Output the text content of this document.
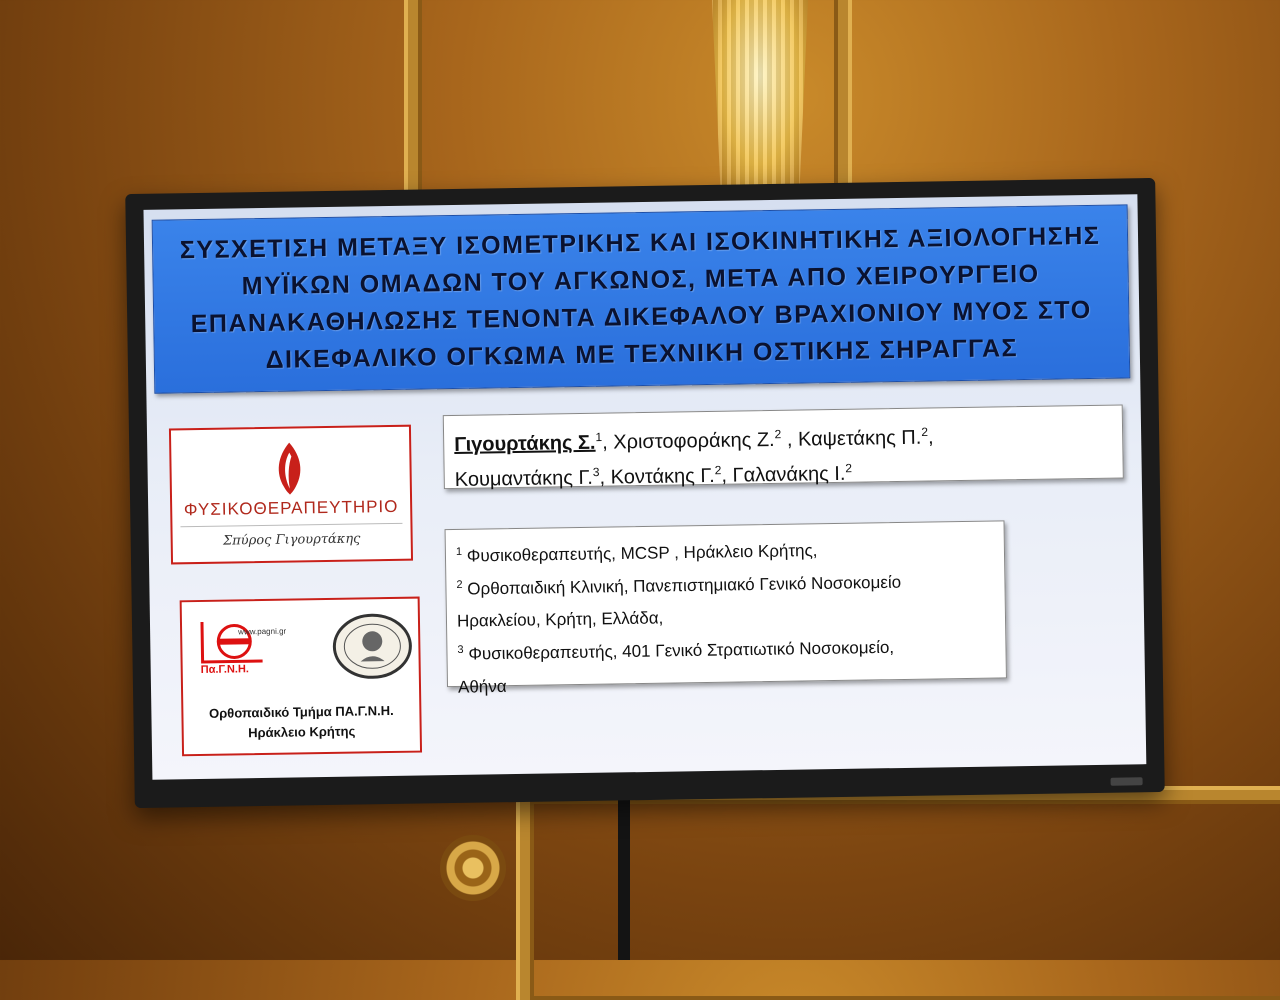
ΣΥΣΧΕΤΙΣΗ ΜΕΤΑΞΥ ΙΣΟΜΕΤΡΙΚΗΣ ΚΑΙ ΙΣΟΚΙΝΗΤΙΚΗΣ ΑΞΙΟΛΟΓΗΣΗΣ
ΜΥΪΚΩΝ ΟΜΑΔΩΝ ΤΟΥ ΑΓΚΩΝΟΣ, ΜΕΤΑ ΑΠΟ ΧΕΙΡΟΥΡΓΕΙΟ
ΕΠΑΝΑΚΑΘΗΛΩΣΗΣ ΤΕΝΟΝΤΑ ΔΙΚΕΦΑΛΟΥ ΒΡΑΧΙΟΝΙΟΥ ΜΥΟΣ ΣΤΟ
ΔΙΚΕΦΑΛΙΚΟ ΟΓΚΩΜΑ ΜΕ ΤΕΧΝΙΚΗ ΟΣΤΙΚΗΣ ΣΗΡΑΓΓΑΣ
ΦΥΣΙΚΟΘΕΡΑΠΕΥΤΗΡΙΟ
Σπύρος Γιγουρτάκης
www.pagni.gr
Πα.Γ.Ν.Η.
Ορθοπαιδικό Τμήμα ΠΑ.Γ.Ν.Η.
Ηράκλειο Κρήτης
Γιγουρτάκης Σ.$^1$, Χριστοφοράκης Ζ.$^2$ , Καψετάκης Π.$^2$,
Κουμαντάκης Γ.$^3$, Κοντάκης Γ.$^2$, Γαλανάκης Ι.$^2$
$^1$ Φυσικοθεραπευτής, MCSP , Ηράκλειο Κρήτης,
$^2$ Ορθοπαιδική Κλινική, Πανεπιστημιακό Γενικό Νοσοκομείο
Ηρακλείου, Κρήτη, Ελλάδα,
$^3$ Φυσικοθεραπευτής, 401 Γενικό Στρατιωτικό Νοσοκομείο,
Αθήνα
